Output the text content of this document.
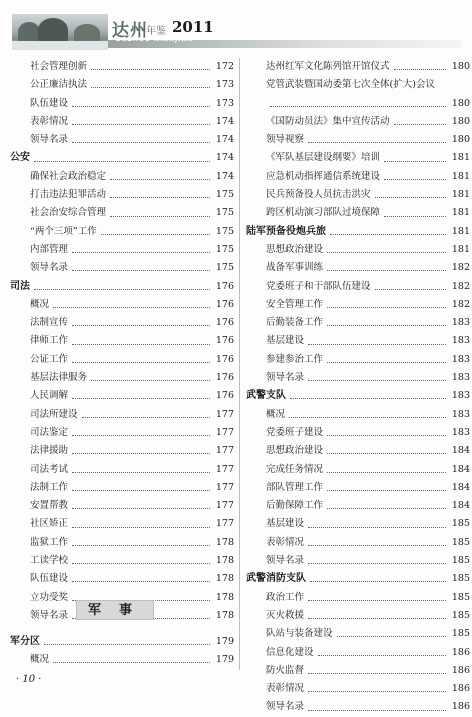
达州
年鉴 2011
DAZHOU NIANJIAN
社会管理创新	172
公正廉洁执法	173
队伍建设	173
表彰情况	174
领导名录	174
公安	174
确保社会政治稳定	174
打击违法犯罪活动	175
社会治安综合管理	175
“两个三项”工作	175
内部管理	175
领导名录	175
司法	176
概况	176
法制宣传	176
律师工作	176
公证工作	176
基层法律服务	176
人民调解	176
司法所建设	177
司法鉴定	177
法律援助	177
司法考试	177
法制工作	177
安置帮教	177
社区矫正	177
监狱工作	178
工读学校	178
队伍建设	178
立功受奖	178
领导名录	178
达州红军文化陈列馆开馆仪式	180
党管武装暨国动委第七次全体(扩大)会议
180
《国防动员法》集中宣传活动	180
领导视察	180
《军队基层建设纲要》培训	181
应急机动指挥通信系统建设	181
民兵预备役人员抗击洪灾	181
跨区机动演习部队过境保障	181
陆军预备役炮兵旅	181
思想政治建设	181
战备军事训练	182
党委班子和干部队伍建设	182
安全管理工作	182
后勤装备工作	183
基层建设	183
参建参治工作	183
领导名录	183
武警支队	183
概况	183
党委班子建设	183
思想政治建设	184
完成任务情况	184
部队管理工作	184
后勤保障工作	184
基层建设	185
表彰情况	185
领导名录	185
武警消防支队	185
政治工作	185
灭火救援	185
队站与装备建设	185
信息化建设	186
防火监督	186
表彰情况	186
领导名录	186
军事
军分区	179
概况	179
· 10 ·
